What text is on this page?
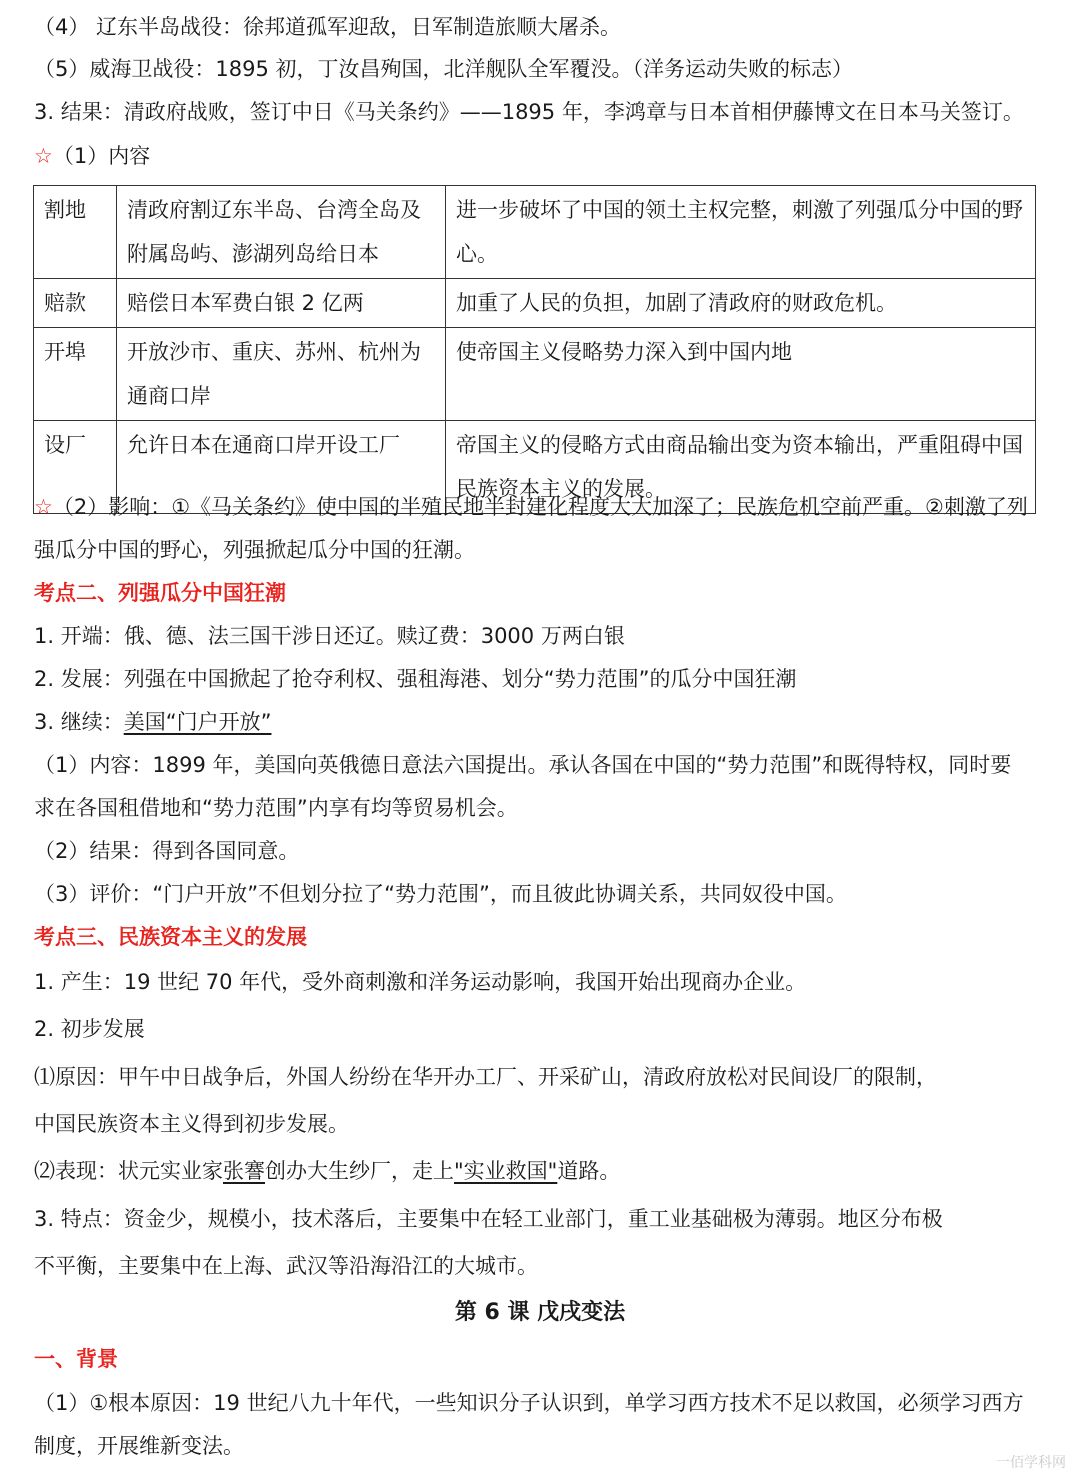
（4） 辽东半岛战役：徐邦道孤军迎敌，日军制造旅顺大屠杀。
（5）威海卫战役：1895 初，丁汝昌殉国，北洋舰队全军覆没。（洋务运动失败的标志）
3. 结果：清政府战败，签订中日《马关条约》——1895 年，李鸿章与日本首相伊藤博文在日本马关签订。
☆（1）内容
割地	清政府割辽东半岛、台湾全岛及附属岛屿、澎湖列岛给日本	进一步破坏了中国的领土主权完整，刺激了列强瓜分中国的野心。
赔款	赔偿日本军费白银 2 亿两	加重了人民的负担，加剧了清政府的财政危机。
开埠	开放沙市、重庆、苏州、杭州为通商口岸	使帝国主义侵略势力深入到中国内地
设厂	允许日本在通商口岸开设工厂	帝国主义的侵略方式由商品输出变为资本输出，严重阻碍中国民族资本主义的发展。
☆（2）影响：①《马关条约》使中国的半殖民地半封建化程度大大加深了；民族危机空前严重。②刺激了列
强瓜分中国的野心，列强掀起瓜分中国的狂潮。
考点二、列强瓜分中国狂潮
1. 开端：俄、德、法三国干涉日还辽。赎辽费：3000 万两白银
2. 发展：列强在中国掀起了抢夺利权、强租海港、划分“势力范围”的瓜分中国狂潮
3. 继续：美国“门户开放”
（1）内容：1899 年，美国向英俄德日意法六国提出。承认各国在中国的“势力范围”和既得特权，同时要
求在各国租借地和“势力范围”内享有均等贸易机会。
（2）结果：得到各国同意。
（3）评价：“门户开放”不但划分拉了“势力范围”，而且彼此协调关系，共同奴役中国。
考点三、民族资本主义的发展
1. 产生：19 世纪 70 年代，受外商刺激和洋务运动影响，我国开始出现商办企业。
2. 初步发展
⑴原因：甲午中日战争后，外国人纷纷在华开办工厂、开采矿山，清政府放松对民间设厂的限制，
中国民族资本主义得到初步发展。
⑵表现：状元实业家张謇创办大生纱厂，走上"实业救国"道路。
3. 特点：资金少，规模小，技术落后，主要集中在轻工业部门，重工业基础极为薄弱。地区分布极
不平衡，主要集中在上海、武汉等沿海沿江的大城市。
第 6 课 戊戌变法
一、背景
（1）①根本原因：19 世纪八九十年代，一些知识分子认识到，单学习西方技术不足以救国，必须学习西方
制度，开展维新变法。
一佰学科网
